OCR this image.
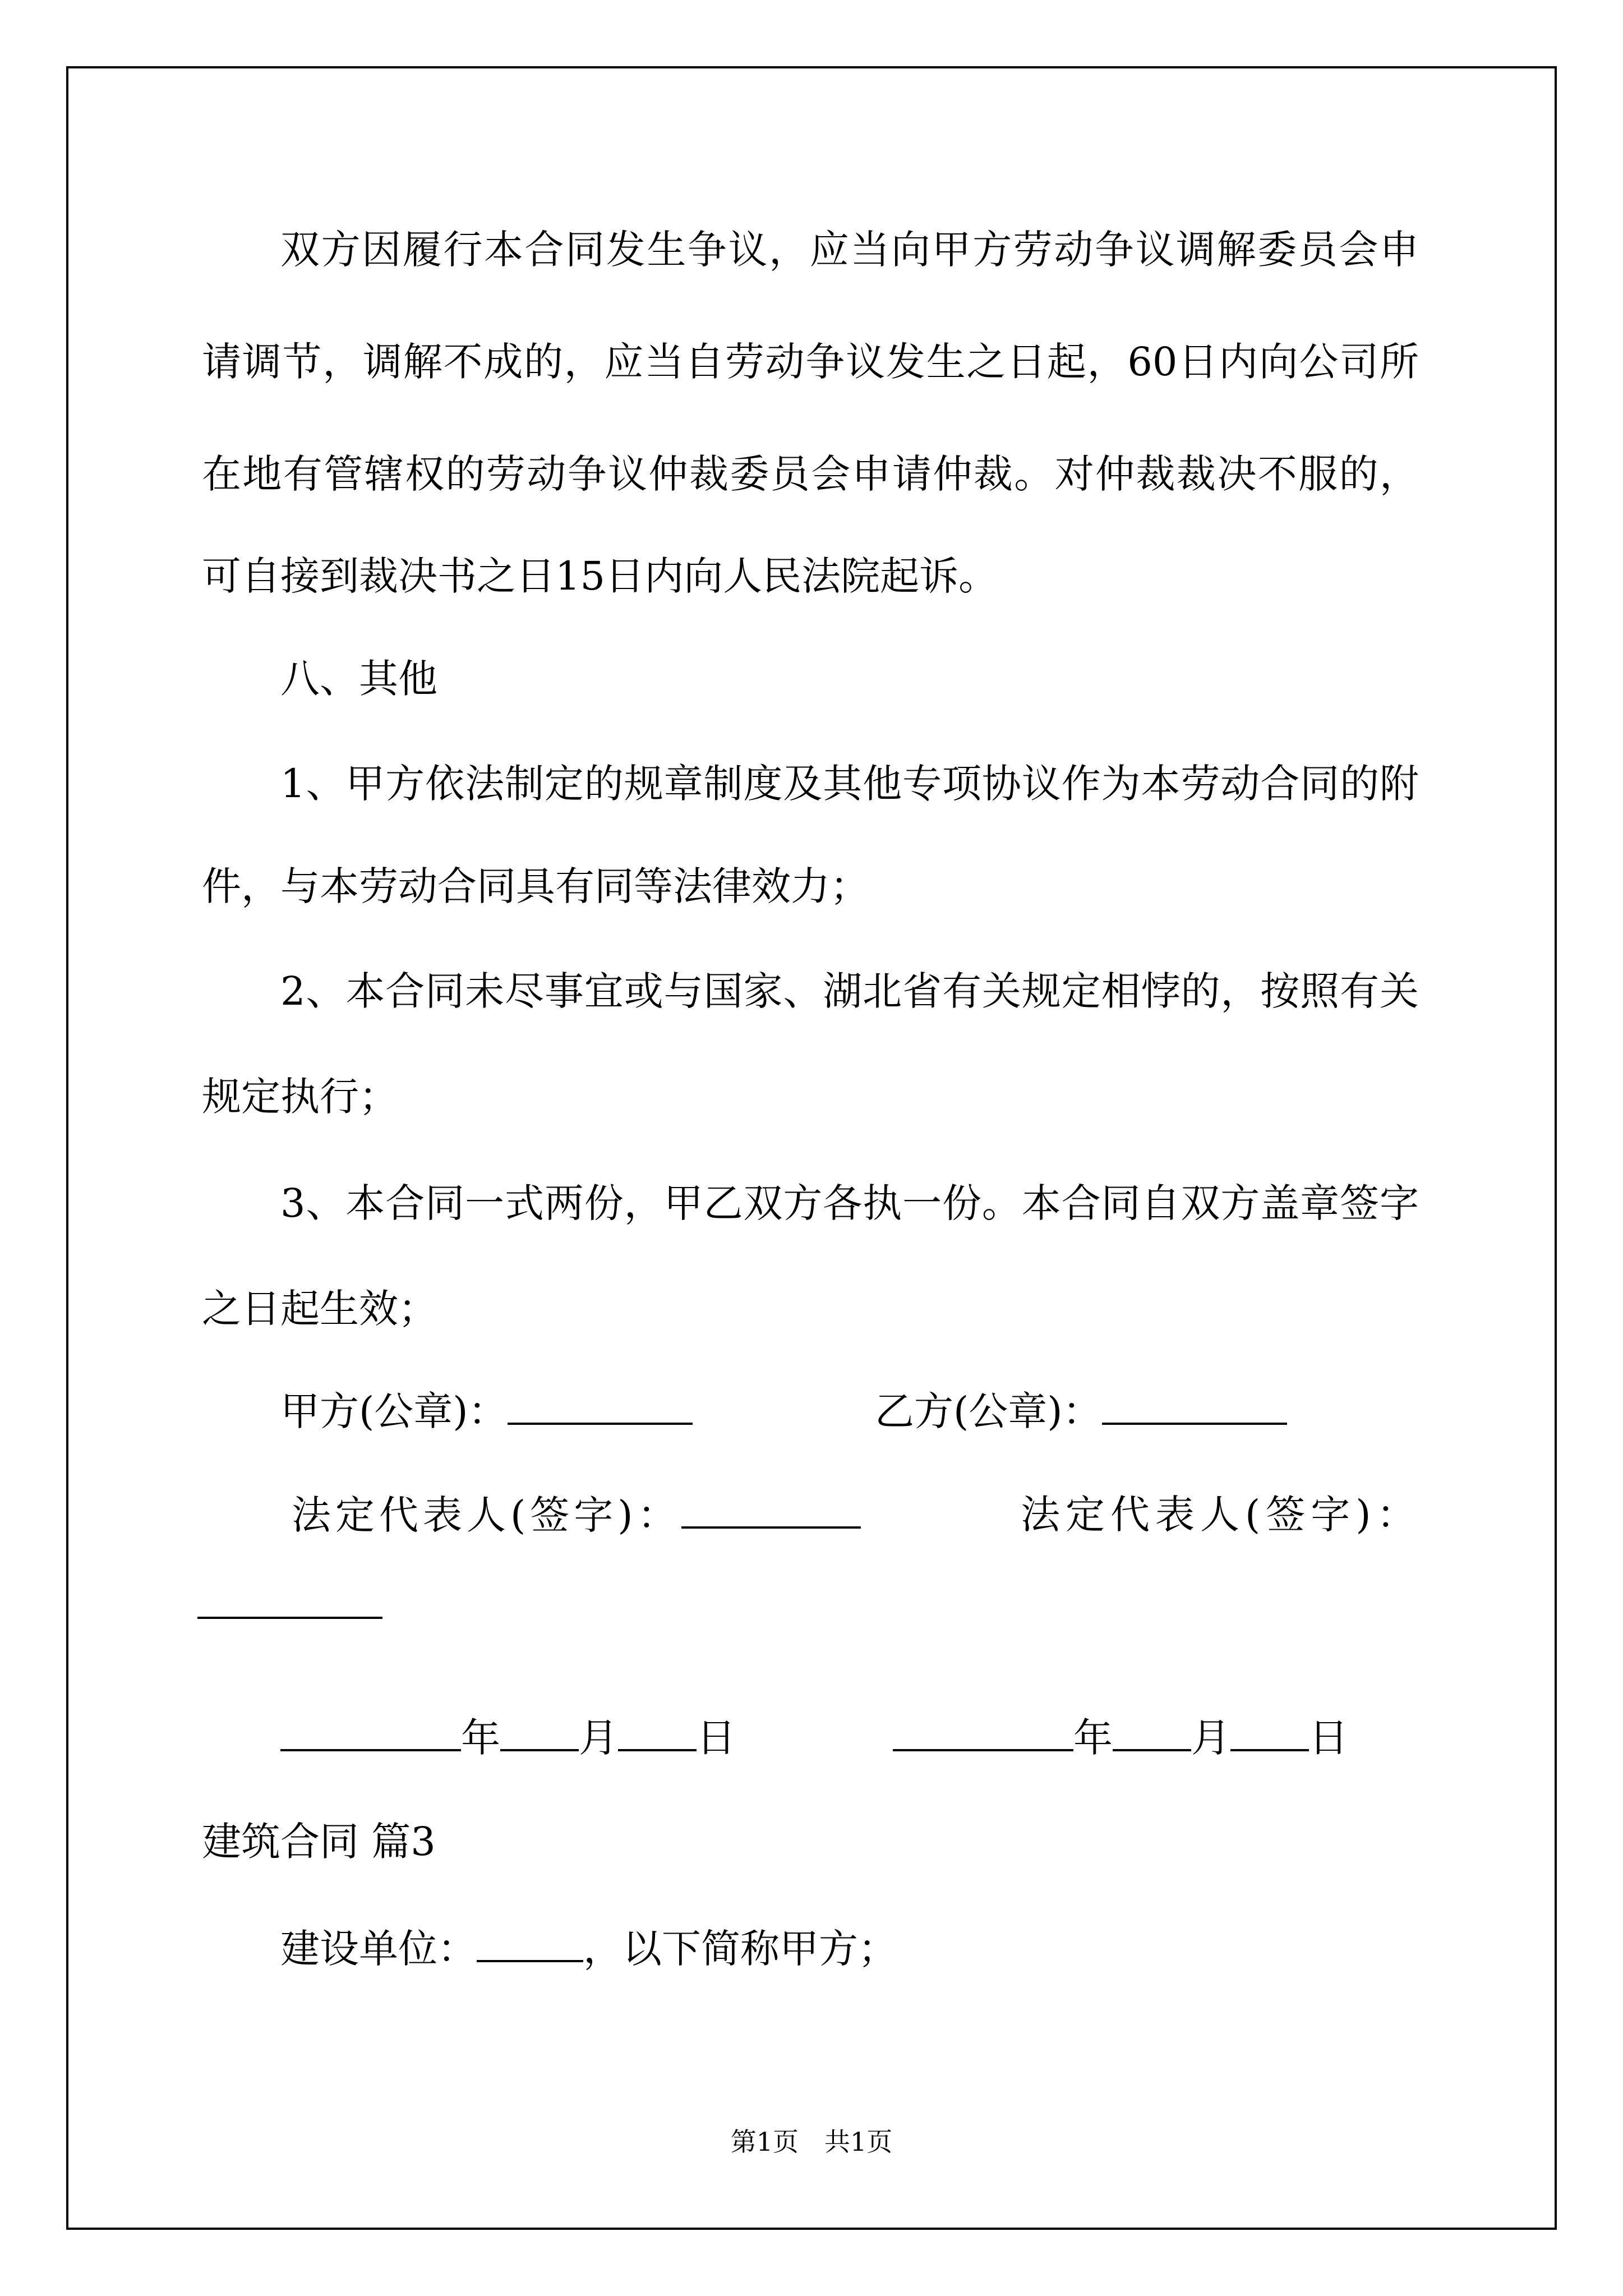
双方因履行本合同发生争议，应当向甲方劳动争议调解委员会申

请调节，调解不成的，应当自劳动争议发生之日起，60日内向公司所

在地有管辖权的劳动争议仲裁委员会申请仲裁。对仲裁裁决不服的，

可自接到裁决书之日15日内向人民法院起诉。

八、其他

1、甲方依法制定的规章制度及其他专项协议作为本劳动合同的附

件，与本劳动合同具有同等法律效力；

2、本合同未尽事宜或与国家、湖北省有关规定相悖的，按照有关

规定执行；

3、本合同一式两份，甲乙双方各执一份。本合同自双方盖章签字

之日起生效；

甲方(公章)：	乙方(公章)：

法定代表人(签字)：	法定代表人(签字)：

年 月 日	年 月 日

建筑合同 篇3

建设单位：	，以下简称甲方；

第1页　共1页
